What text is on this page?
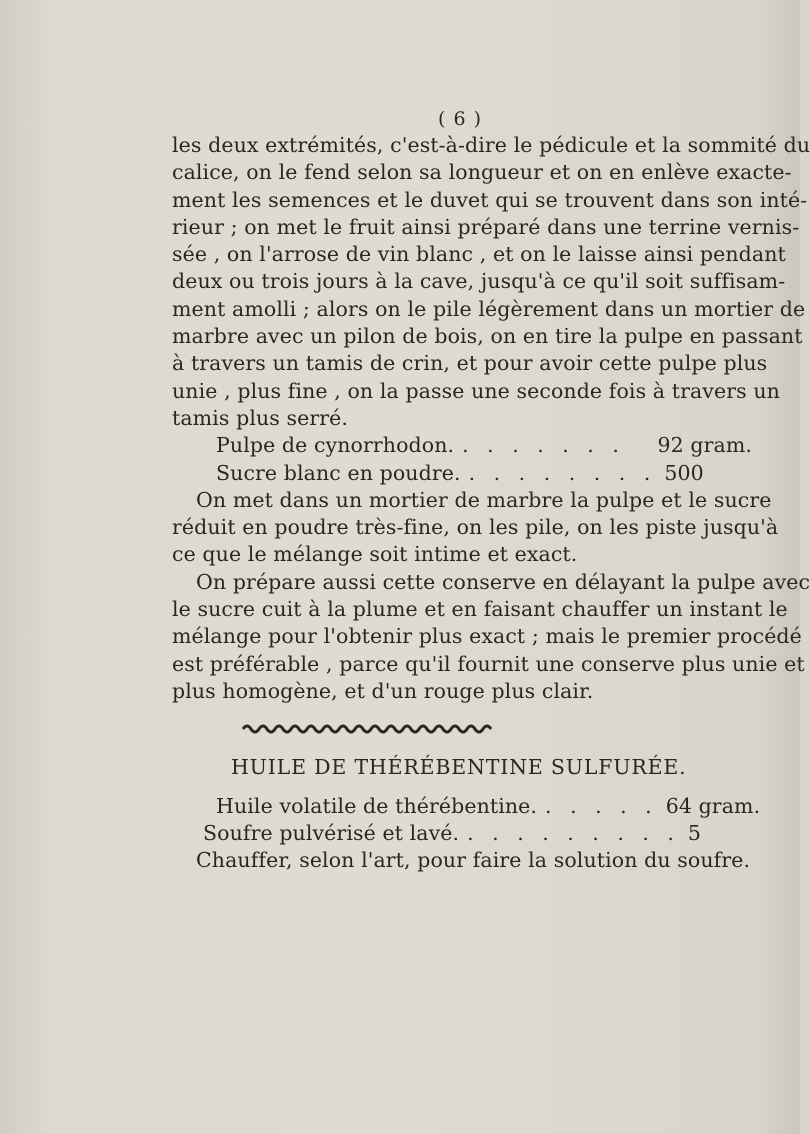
( 6 )

les deux extrémités, c'est-à-dire le pédicule et la sommité du
calice, on le fend selon sa longueur et on en enlève exacte-
ment les semences et le duvet qui se trouvent dans son inté-
rieur ; on met le fruit ainsi préparé dans une terrine vernis-
sée , on l'arrose de vin blanc , et on le laisse ainsi pendant
deux ou trois jours à la cave, jusqu'à ce qu'il soit suffisam-
ment amolli ; alors on le pile légèrement dans un mortier de
marbre avec un pilon de bois, on en tire la pulpe en passant
à travers un tamis de crin, et pour avoir cette pulpe plus
unie , plus fine , on la passe une seconde fois à travers un
tamis plus serré.

Pulpe de cynorrhodon. . . . . . . .	92 gram.
Sucre blanc en poudre. . . . . . . . . 500

On met dans un mortier de marbre la pulpe et le sucre
réduit en poudre très-fine, on les pile, on les piste jusqu'à
ce que le mélange soit intime et exact.

On prépare aussi cette conserve en délayant la pulpe avec
le sucre cuit à la plume et en faisant chauffer un instant le
mélange pour l'obtenir plus exact ; mais le premier procédé
est préférable , parce qu'il fournit une conserve plus unie et
plus homogène, et d'un rouge plus clair.

HUILE DE THÉRÉBENTINE SULFURÉE.
Huile volatile de thérébentine. . . . . . 64 gram.
Soufre pulvérisé et lavé. . . . . . . . . . 5
Chauffer, selon l'art, pour faire la solution du soufre.
